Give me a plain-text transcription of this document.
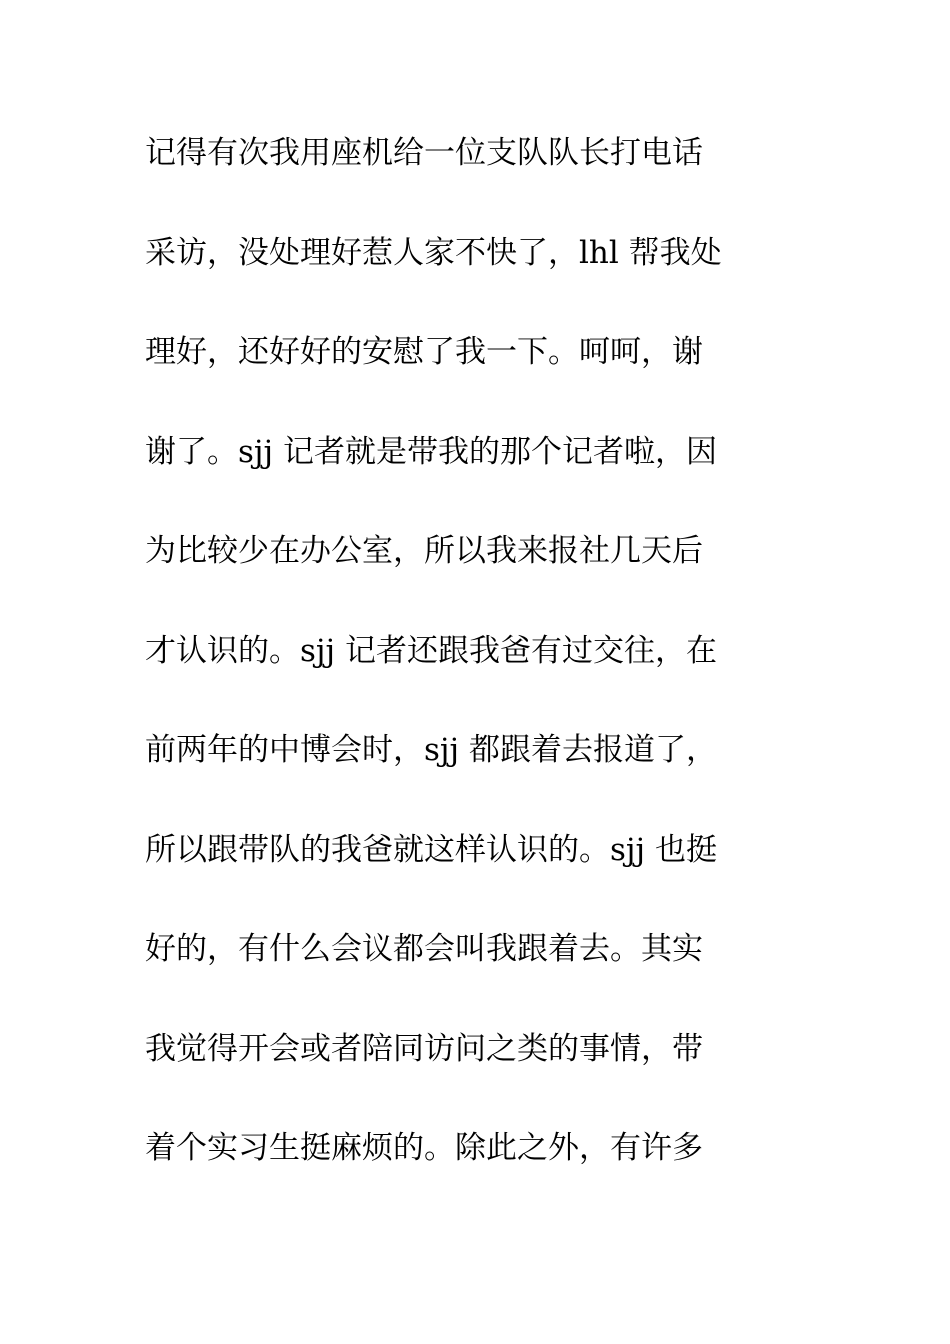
记得有次我用座机给一位支队队长打电话
采访，没处理好惹人家不快了，lhl 帮我处
理好，还好好的安慰了我一下。呵呵，谢
谢了。sjj 记者就是带我的那个记者啦，因
为比较少在办公室，所以我来报社几天后
才认识的。sjj 记者还跟我爸有过交往，在
前两年的中博会时，sjj 都跟着去报道了，
所以跟带队的我爸就这样认识的。sjj 也挺
好的，有什么会议都会叫我跟着去。其实
我觉得开会或者陪同访问之类的事情，带
着个实习生挺麻烦的。除此之外，有许多
